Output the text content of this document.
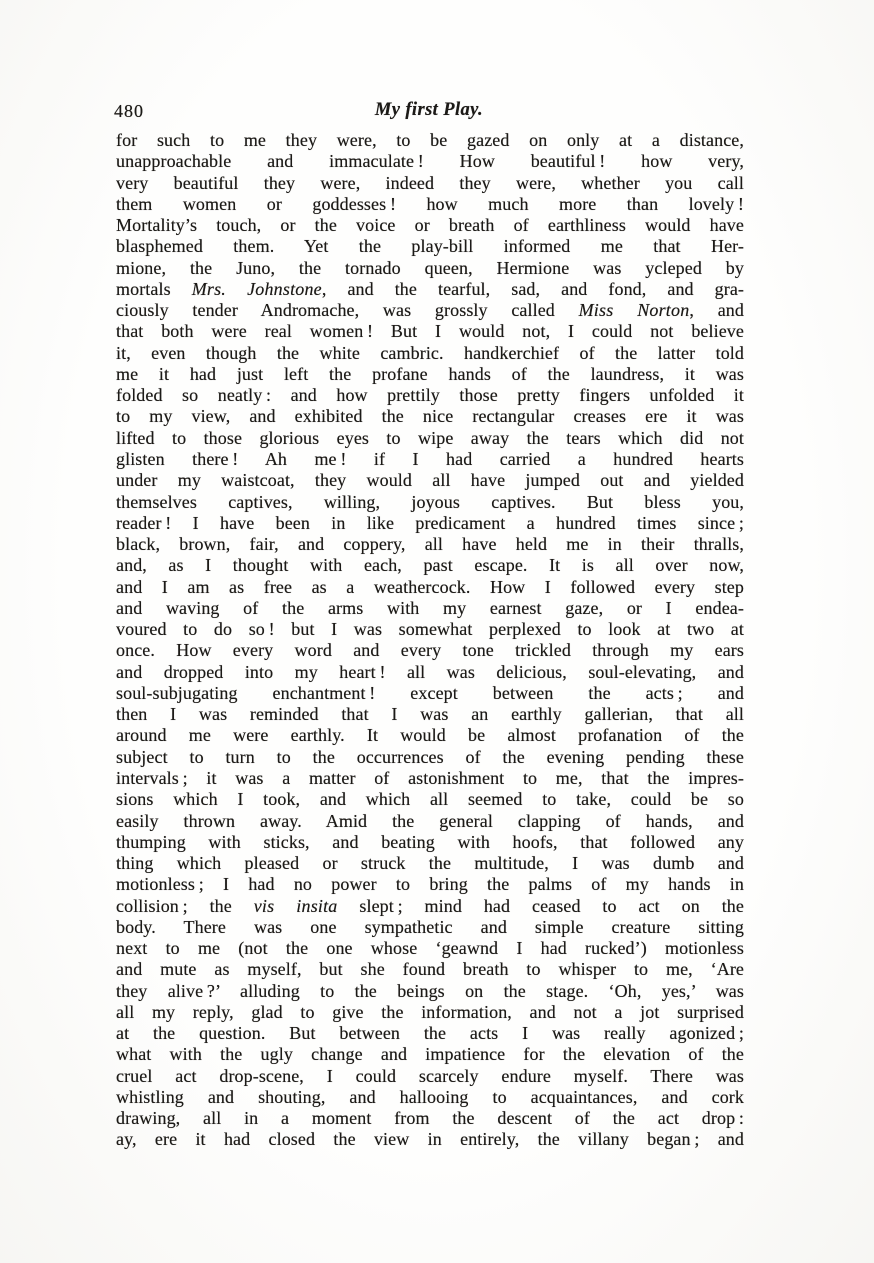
480	My first Play.
for such to me they were, to be gazed on only at a distance,
unapproachable and immaculate ! How beautiful ! how very,
very beautiful they were, indeed they were, whether you call
them women or goddesses ! how much more than lovely !
Mortality’s touch, or the voice or breath of earthliness would have
blasphemed them. Yet the play-bill informed me that Her-
mione, the Juno, the tornado queen, Hermione was ycleped by
mortals Mrs. Johnstone, and the tearful, sad, and fond, and gra-
ciously tender Andromache, was grossly called Miss Norton, and
that both were real women ! But I would not, I could not believe
it, even though the white cambric. handkerchief of the latter told
me it had just left the profane hands of the laundress, it was
folded so neatly : and how prettily those pretty fingers unfolded it
to my view, and exhibited the nice rectangular creases ere it was
lifted to those glorious eyes to wipe away the tears which did not
glisten there ! Ah me ! if I had carried a hundred hearts
under my waistcoat, they would all have jumped out and yielded
themselves captives, willing, joyous captives. But bless you,
reader ! I have been in like predicament a hundred times since ;
black, brown, fair, and coppery, all have held me in their thralls,
and, as I thought with each, past escape. It is all over now,
and I am as free as a weathercock. How I followed every step
and waving of the arms with my earnest gaze, or I endea-
voured to do so ! but I was somewhat perplexed to look at two at
once. How every word and every tone trickled through my ears
and dropped into my heart ! all was delicious, soul-elevating, and
soul-subjugating enchantment ! except between the acts ; and
then I was reminded that I was an earthly gallerian, that all
around me were earthly. It would be almost profanation of the
subject to turn to the occurrences of the evening pending these
intervals ; it was a matter of astonishment to me, that the impres-
sions which I took, and which all seemed to take, could be so
easily thrown away. Amid the general clapping of hands, and
thumping with sticks, and beating with hoofs, that followed any
thing which pleased or struck the multitude, I was dumb and
motionless ; I had no power to bring the palms of my hands in
collision ; the vis insita slept ; mind had ceased to act on the
body. There was one sympathetic and simple creature sitting
next to me (not the one whose ‘geawnd I had rucked’) motionless
and mute as myself, but she found breath to whisper to me, ‘Are
they alive ?’ alluding to the beings on the stage. ‘Oh, yes,’ was
all my reply, glad to give the information, and not a jot surprised
at the question. But between the acts I was really agonized ;
what with the ugly change and impatience for the elevation of the
cruel act drop-scene, I could scarcely endure myself. There was
whistling and shouting, and hallooing to acquaintances, and cork
drawing, all in a moment from the descent of the act drop :
ay, ere it had closed the view in entirely, the villany began ; and
